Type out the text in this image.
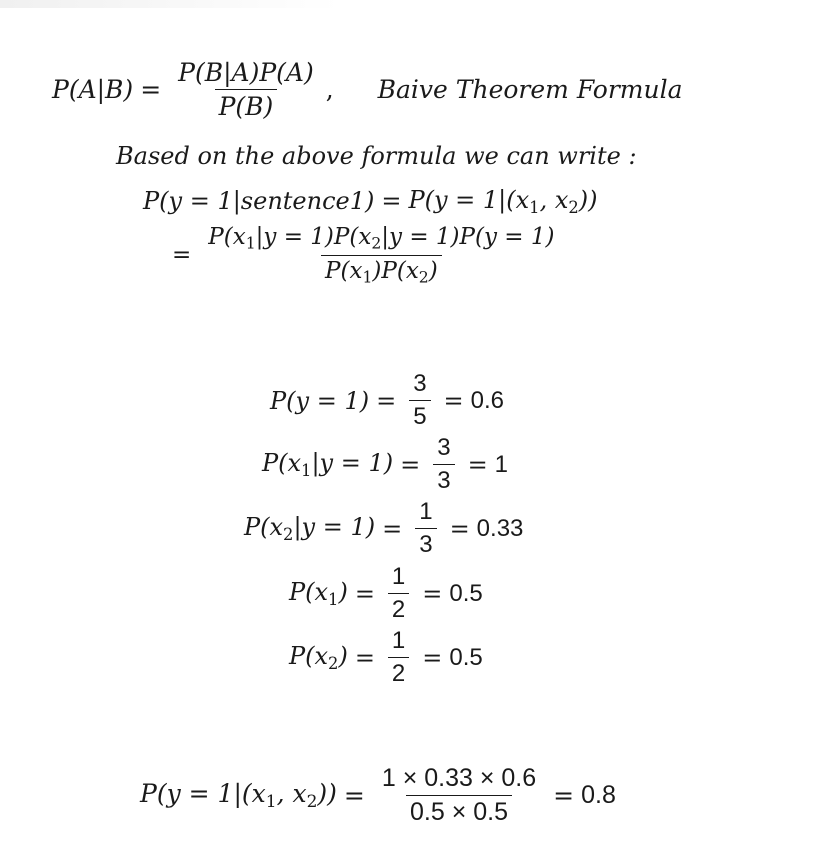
$P(A|B) = \frac{P(B|A)P(A)}{P(B)}$ , Baive Theorem Formula
Based on the above formula we can write :
P(y = 1|sentence1) = $P(y = 1|(x_1$, $x_2$))
= $\frac{P(x_1|y = 1)P(x_2|y = 1)P(y = 1)}{P(x_1)P(x_2)}$
$P(y = 1) = \frac{3}{5} = 0.6$
$P(x_1|y = 1) = \frac{3}{3} = 1$
$P(x_2|y = 1) = \frac{1}{3} = 0.33$
$P(x_1) = \frac{1}{2} = 0.5$
$P(x_2) = \frac{1}{2} = 0.5$
$P(y = 1|(x_1$, $x_2)) = \frac{1 \times 0.33 \times 0.6}{0.5 \times 0.5} = 0.8$
